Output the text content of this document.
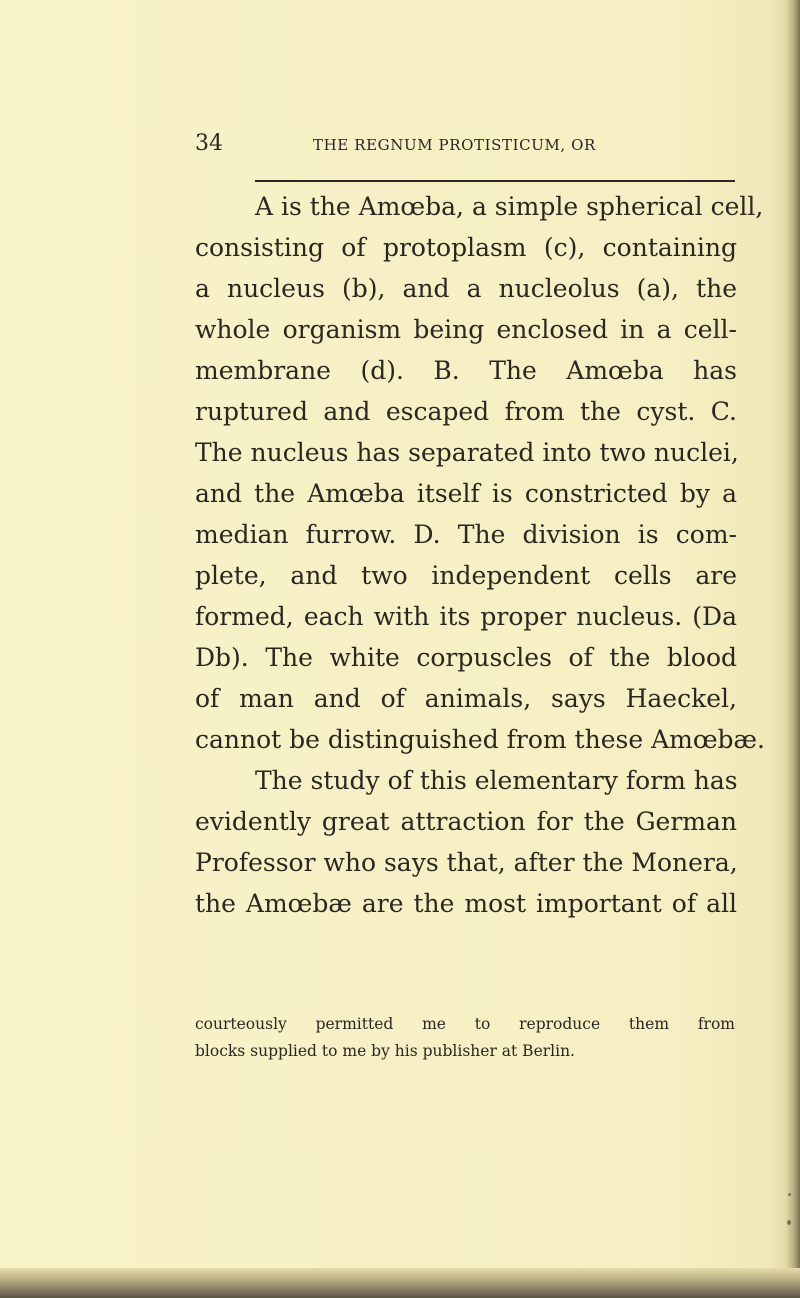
34	THE REGNUM PROTISTICUM, OR
A is the Amœba, a simple spherical cell,
consisting of protoplasm (c), containing
a nucleus (b), and a nucleolus (a), the
whole organism being enclosed in a cell-
membrane (d). B. The Amœba has
ruptured and escaped from the cyst. C.
The nucleus has separated into two nuclei,
and the Amœba itself is constricted by a
median furrow. D. The division is com-
plete, and two independent cells are
formed, each with its proper nucleus. (Da
Db). The white corpuscles of the blood
of man and of animals, says Haeckel,
cannot be distinguished from these Amœbæ.
The study of this elementary form has
evidently great attraction for the German
Professor who says that, after the Monera,
the Amœbæ are the most important of all
courteously permitted me to reproduce them from
blocks supplied to me by his publisher at Berlin.
